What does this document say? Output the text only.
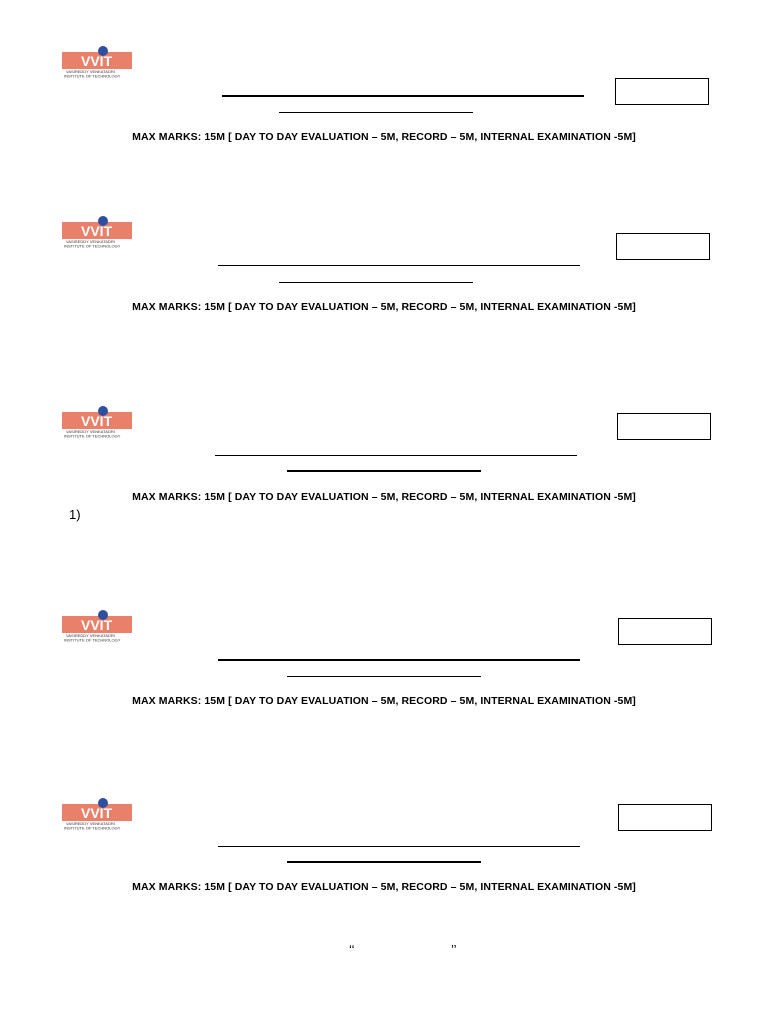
MAX MARKS: 15M [ DAY TO DAY EVALUATION – 5M, RECORD – 5M, INTERNAL EXAMINATION -5M]
MAX MARKS: 15M [ DAY TO DAY EVALUATION – 5M, RECORD – 5M, INTERNAL EXAMINATION -5M]
MAX MARKS: 15M [ DAY TO DAY EVALUATION – 5M, RECORD – 5M, INTERNAL EXAMINATION -5M]
1)
MAX MARKS: 15M [ DAY TO DAY EVALUATION – 5M, RECORD – 5M, INTERNAL EXAMINATION -5M]
MAX MARKS: 15M [ DAY TO DAY EVALUATION – 5M, RECORD – 5M, INTERNAL EXAMINATION -5M]
‘‘	’’
